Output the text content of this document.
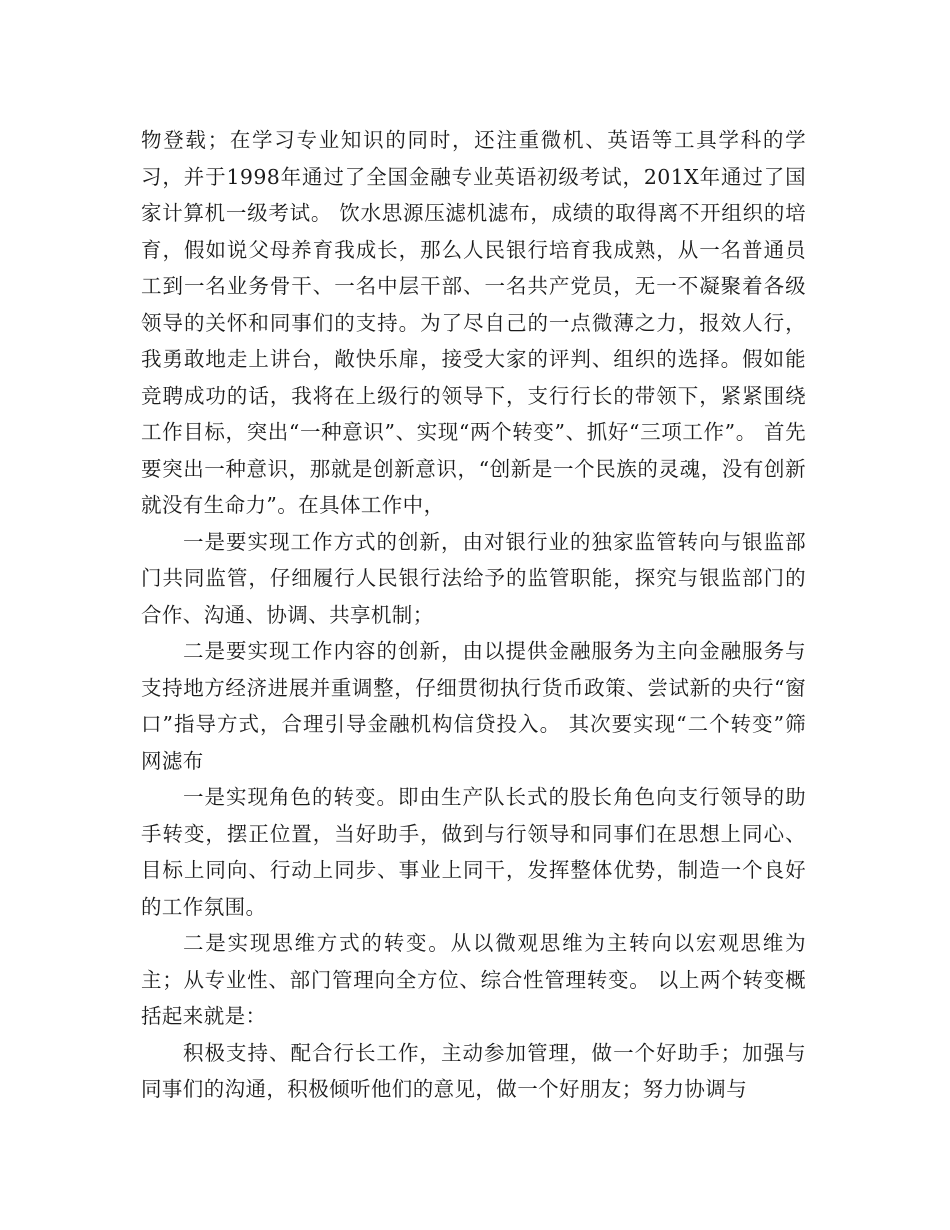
物登载；在学习专业知识的同时，还注重微机、英语等工具学科的学习，并于1998年通过了全国金融专业英语初级考试，201X年通过了国家计算机一级考试。 饮水思源压滤机滤布，成绩的取得离不开组织的培育，假如说父母养育我成长，那么人民银行培育我成熟，从一名普通员工到一名业务骨干、一名中层干部、一名共产党员，无一不凝聚着各级领导的关怀和同事们的支持。为了尽自己的一点微薄之力，报效人行，我勇敢地走上讲台，敞快乐扉，接受大家的评判、组织的选择。假如能竞聘成功的话，我将在上级行的领导下，支行行长的带领下，紧紧围绕工作目标，突出“一种意识”、实现“两个转变”、抓好“三项工作”。 首先要突出一种意识，那就是创新意识，“创新是一个民族的灵魂，没有创新就没有生命力”。在具体工作中，

一是要实现工作方式的创新，由对银行业的独家监管转向与银监部门共同监管，仔细履行人民银行法给予的监管职能，探究与银监部门的合作、沟通、协调、共享机制；

二是要实现工作内容的创新，由以提供金融服务为主向金融服务与支持地方经济进展并重调整，仔细贯彻执行货币政策、尝试新的央行“窗口”指导方式，合理引导金融机构信贷投入。 其次要实现“二个转变”筛网滤布

一是实现角色的转变。即由生产队长式的股长角色向支行领导的助手转变，摆正位置，当好助手，做到与行领导和同事们在思想上同心、目标上同向、行动上同步、事业上同干，发挥整体优势，制造一个良好的工作氛围。

二是实现思维方式的转变。从以微观思维为主转向以宏观思维为主；从专业性、部门管理向全方位、综合性管理转变。 以上两个转变概括起来就是：

积极支持、配合行长工作，主动参加管理，做一个好助手；加强与同事们的沟通，积极倾听他们的意见，做一个好朋友；努力协调与
